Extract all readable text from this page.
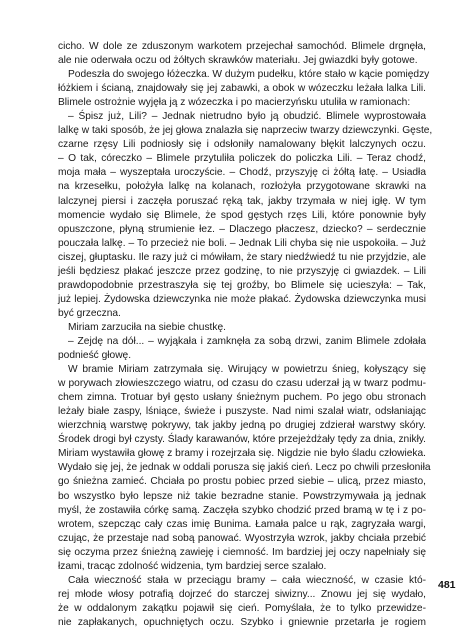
cicho. W dole ze zduszonym warkotem przejechał samochód. Blimele drgnęła,
ale nie oderwała oczu od żółtych skrawków materiału. Jej gwiazdki były gotowe.
Podeszła do swojego łóżeczka. W dużym pudełku, które stało w kącie pomiędzy
łóżkiem i ścianą, znajdowały się jej zabawki, a obok w wózeczku leżała lalka Lili.
Blimele ostrożnie wyjęła ją z wózeczka i po macierzyńsku utuliła w ramionach:
– Śpisz już, Lili? – Jednak nietrudno było ją obudzić. Blimele wyprostowała
lalkę w taki sposób, że jej głowa znalazła się naprzeciw twarzy dziewczynki. Gęste,
czarne rzęsy Lili podniosły się i odsłoniły namalowany błękit lalczynych oczu.
– O tak, córeczko – Blimele przytuliła policzek do policzka Lili. – Teraz chodź,
moja mała – wyszeptała uroczyście. – Chodź, przyszyję ci żółtą łatę. – Usiadła
na krzesełku, położyła lalkę na kolanach, rozłożyła przygotowane skrawki na
lalczynej piersi i zaczęła poruszać ręką tak, jakby trzymała w niej igłę. W tym
momencie wydało się Blimele, że spod gęstych rzęs Lili, które ponownie były
opuszczone, płyną strumienie łez. – Dlaczego płaczesz, dziecko? – serdecznie
pouczała lalkę. – To przecież nie boli. – Jednak Lili chyba się nie uspokoiła. – Już
ciszej, głuptasku. Ile razy już ci mówiłam, że stary niedźwiedź tu nie przyjdzie, ale
jeśli będziesz płakać jeszcze przez godzinę, to nie przyszyję ci gwiazdek. – Lili
prawdopodobnie przestraszyła się tej groźby, bo Blimele się ucieszyła: – Tak,
już lepiej. Żydowska dziewczynka nie może płakać. Żydowska dziewczynka musi
być grzeczna.
Miriam zarzuciła na siebie chustkę.
– Zejdę na dół... – wyjąkała i zamknęła za sobą drzwi, zanim Blimele zdołała
podnieść głowę.
W bramie Miriam zatrzymała się. Wirujący w powietrzu śnieg, kołyszący się
w porywach złowieszczego wiatru, od czasu do czasu uderzał ją w twarz podmu-
chem zimna. Trotuar był gęsto usłany śnieżnym puchem. Po jego obu stronach
leżały białe zaspy, lśniące, świeże i puszyste. Nad nimi szalał wiatr, odsłaniając
wierzchnią warstwę pokrywy, tak jakby jedną po drugiej zdzierał warstwy skóry.
Środek drogi był czysty. Ślady karawanów, które przejeżdżały tędy za dnia, znikły.
Miriam wystawiła głowę z bramy i rozejrzała się. Nigdzie nie było śladu człowieka.
Wydało się jej, że jednak w oddali porusza się jakiś cień. Lecz po chwili przesłoniła
go śnieżna zamieć. Chciała po prostu pobiec przed siebie – ulicą, przez miasto,
bo wszystko było lepsze niż takie bezradne stanie. Powstrzymywała ją jednak
myśl, że zostawiła córkę samą. Zaczęła szybko chodzić przed bramą w tę i z po-
wrotem, szepcząc cały czas imię Bunima. Łamała palce u rąk, zagryzała wargi,
czując, że przestaje nad sobą panować. Wyostrzyła wzrok, jakby chciała przebić
się oczyma przez śnieżną zawieję i ciemność. Im bardziej jej oczy napełniały się
łzami, tracąc zdolność widzenia, tym bardziej serce szalało.
Cała wieczność stała w przeciągu bramy – cała wieczność, w czasie któ-
rej młode włosy potrafią dojrzeć do starczej siwizny... Znowu jej się wydało,
że w oddalonym zakątku pojawił się cień. Pomyślała, że to tylko przewidze-
nie zapłakanych, opuchniętych oczu. Szybko i gniewnie przetarła je rogiem
481
